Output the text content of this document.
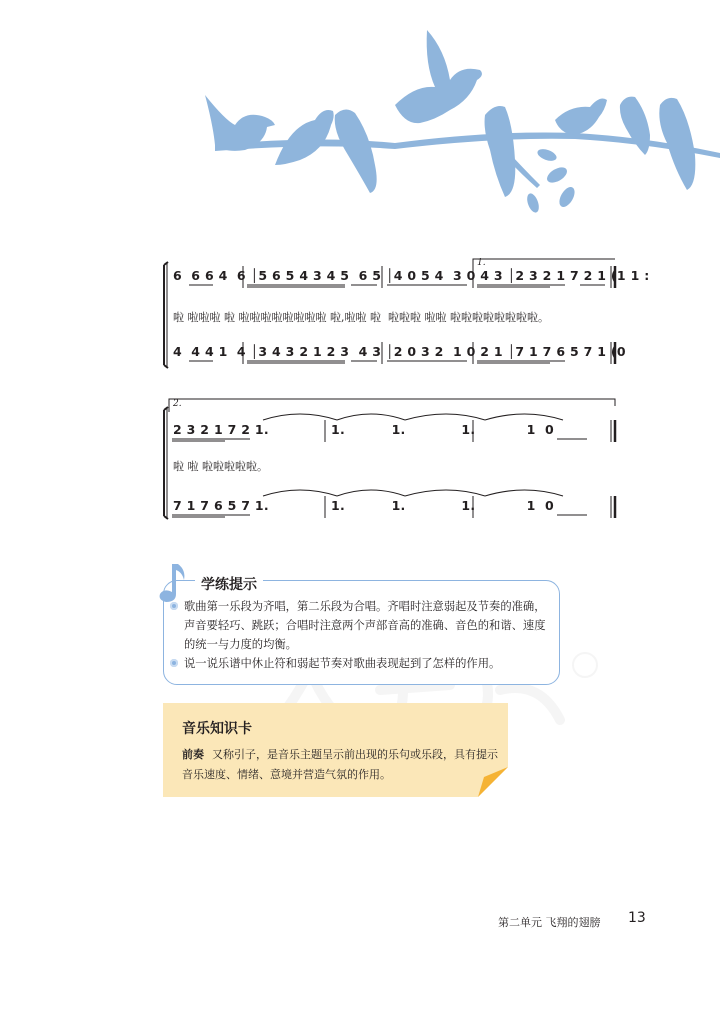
1.
6  6 6 4  6 │5 6 5 4 3 4 5  6 5 │4 0 5 4  3 0 4 3 │2 3 2 1 7 2 1 (1 1 :
啦 啦啦啦 啦 啦啦啦啦啦啦啦啦 啦,啦啦 啦  啦啦啦 啦啦 啦啦啦啦啦啦啦啦。
4  4 4 1  4 │3 4 3 2 1 2 3  4 3 │2 0 3 2  1 0 2 1 │7 1 7 6 5 7 1 (0
2.
2 3 2 1 7 2 1.	1.          1.            1.           1  0
啦 啦 啦啦啦啦啦。
7 1 7 6 5 7 1.	1.          1.            1.           1  0
学练提示
歌曲第一乐段为齐唱，第二乐段为合唱。齐唱时注意弱起及节奏的准确，声音要轻巧、跳跃；合唱时注意两个声部音高的准确、音色的和谐、速度的统一与力度的均衡。
说一说乐谱中休止符和弱起节奏对歌曲表现起到了怎样的作用。
音乐知识卡
前奏 又称引子，是音乐主题呈示前出现的乐句或乐段，具有提示音乐速度、情绪、意境并营造气氛的作用。
第二单元 飞翔的翅膀 13
